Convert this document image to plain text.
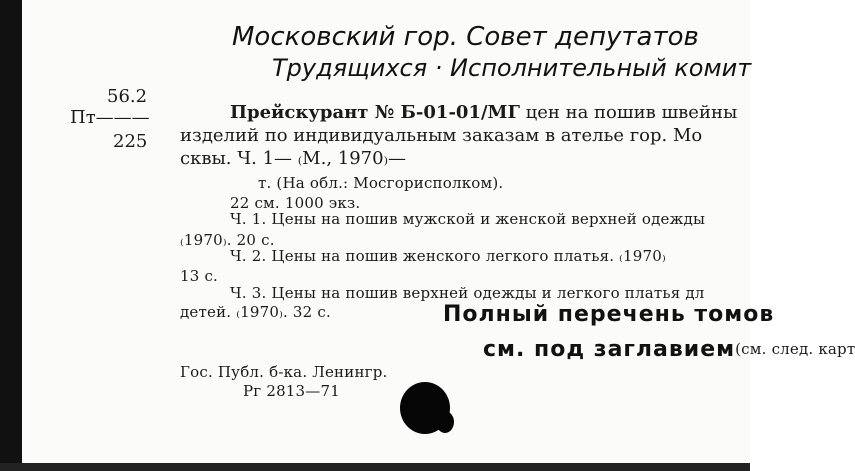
Московский гор. Совет депутатов
Трудящихся · Исполнительный комит
56.2
Пт———
225
Прейскурант № Б-01-01/МГ цен на пошив швейны
изделий по индивидуальным заказам в ателье гор. Мо
сквы. Ч. 1— ₍М., 1970₎—
т. (На обл.: Мосгорисполком).
22 см. 1000 экз.
Ч. 1. Цены на пошив мужской и женской верхней одежды
₍1970₎. 20 с.
Ч. 2. Цены на пошив женского легкого платья. ₍1970₎
13 с.
Ч. 3. Цены на пошив верхней одежды и легкого платья дл
детей. ₍1970₎. 32 с.	Полный перечень томов
см. под заглавием(см. след. карт
Гос. Публ. б-ка. Ленингр.
Рг 2813—71
